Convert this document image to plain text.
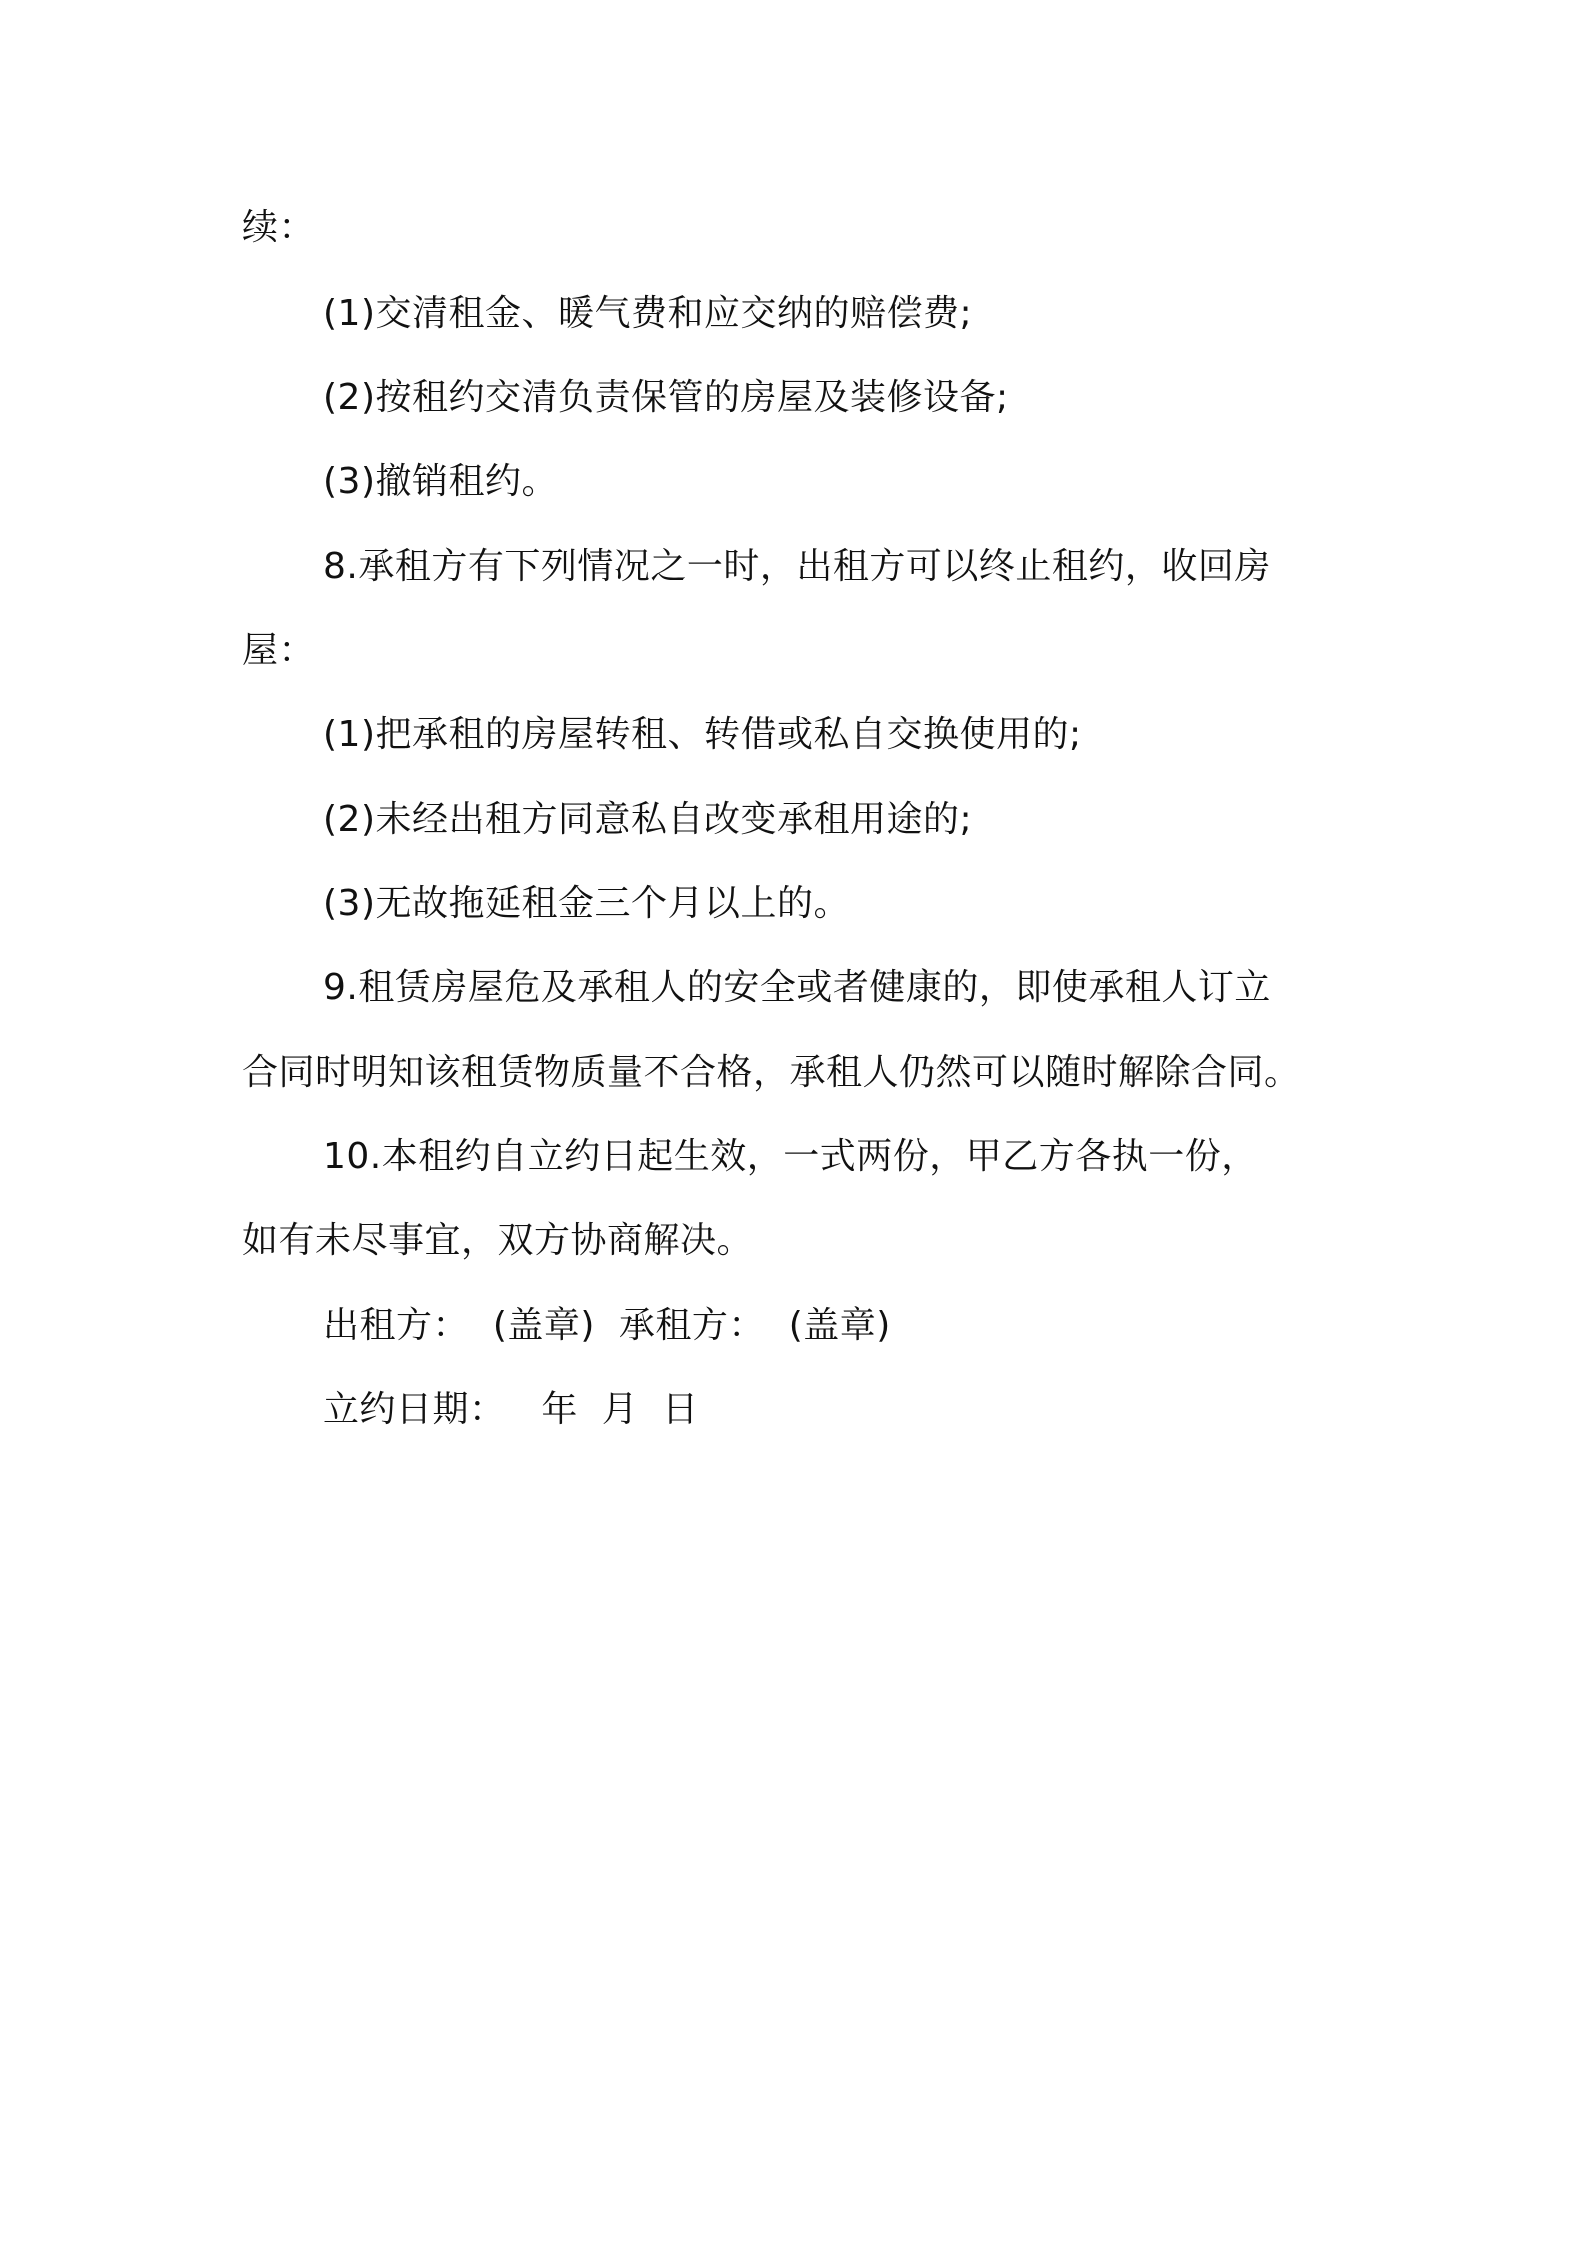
续：

(1)交清租金、暖气费和应交纳的赔偿费;

(2)按租约交清负责保管的房屋及装修设备;

(3)撤销租约。

8.承租方有下列情况之一时，出租方可以终止租约，收回房

屋：

(1)把承租的房屋转租、转借或私自交换使用的;

(2)未经出租方同意私自改变承租用途的;

(3)无故拖延租金三个月以上的。

9.租赁房屋危及承租人的安全或者健康的，即使承租人订立

合同时明知该租赁物质量不合格，承租人仍然可以随时解除合同。

10.本租约自立约日起生效，一式两份，甲乙方各执一份，

如有未尽事宜，双方协商解决。

出租方：  (盖章)  承租方：  (盖章)

立约日期：   年  月  日
